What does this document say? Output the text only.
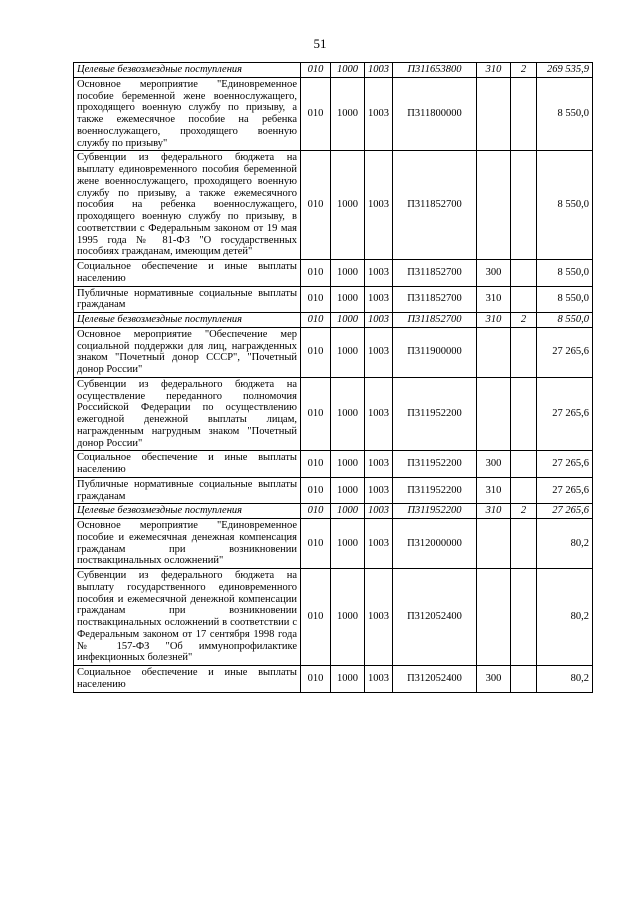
51
Целевые безвозмездные поступления	010	1000	1003	П311653800	310	2	269 535,9
Основное мероприятие "Единовременное пособие беременной жене военнослужащего, проходящего военную службу по призыву, а также ежемесячное пособие на ребенка военнослужащего, проходящего военную службу по призыву"	010	1000	1003	П311800000			8 550,0
Субвенции из федерального бюджета на выплату единовременного пособия беременной жене военнослужащего, проходящего военную службу по призыву, а также ежемесячного пособия на ребенка военнослужащего, проходящего военную службу по призыву, в соответствии с Федеральным законом от 19 мая 1995 года № 81-ФЗ "О государственных пособиях гражданам, имеющим детей"	010	1000	1003	П311852700			8 550,0
Социальное обеспечение и иные выплаты населению	010	1000	1003	П311852700	300		8 550,0
Публичные нормативные социальные выплаты гражданам	010	1000	1003	П311852700	310		8 550,0
Целевые безвозмездные поступления	010	1000	1003	П311852700	310	2	8 550,0
Основное мероприятие "Обеспечение мер социальной поддержки для лиц, награжденных знаком "Почетный донор СССР", "Почетный донор России"	010	1000	1003	П311900000			27 265,6
Субвенции из федерального бюджета на осуществление переданного полномочия Российской Федерации по осуществлению ежегодной денежной выплаты лицам, награжденным нагрудным знаком "Почетный донор России"	010	1000	1003	П311952200			27 265,6
Социальное обеспечение и иные выплаты населению	010	1000	1003	П311952200	300		27 265,6
Публичные нормативные социальные выплаты гражданам	010	1000	1003	П311952200	310		27 265,6
Целевые безвозмездные поступления	010	1000	1003	П311952200	310	2	27 265,6
Основное мероприятие "Единовременное пособие и ежемесячная денежная компенсация гражданам при возникновении поствакцинальных осложнений"	010	1000	1003	П312000000			80,2
Субвенции из федерального бюджета на выплату государственного единовременного пособия и ежемесячной денежной компенсации гражданам при возникновении поствакцинальных осложнений в соответствии с Федеральным законом от 17 сентября 1998 года № 157-ФЗ "Об иммунопрофилактике инфекционных болезней"	010	1000	1003	П312052400			80,2
Социальное обеспечение и иные выплаты населению	010	1000	1003	П312052400	300		80,2
